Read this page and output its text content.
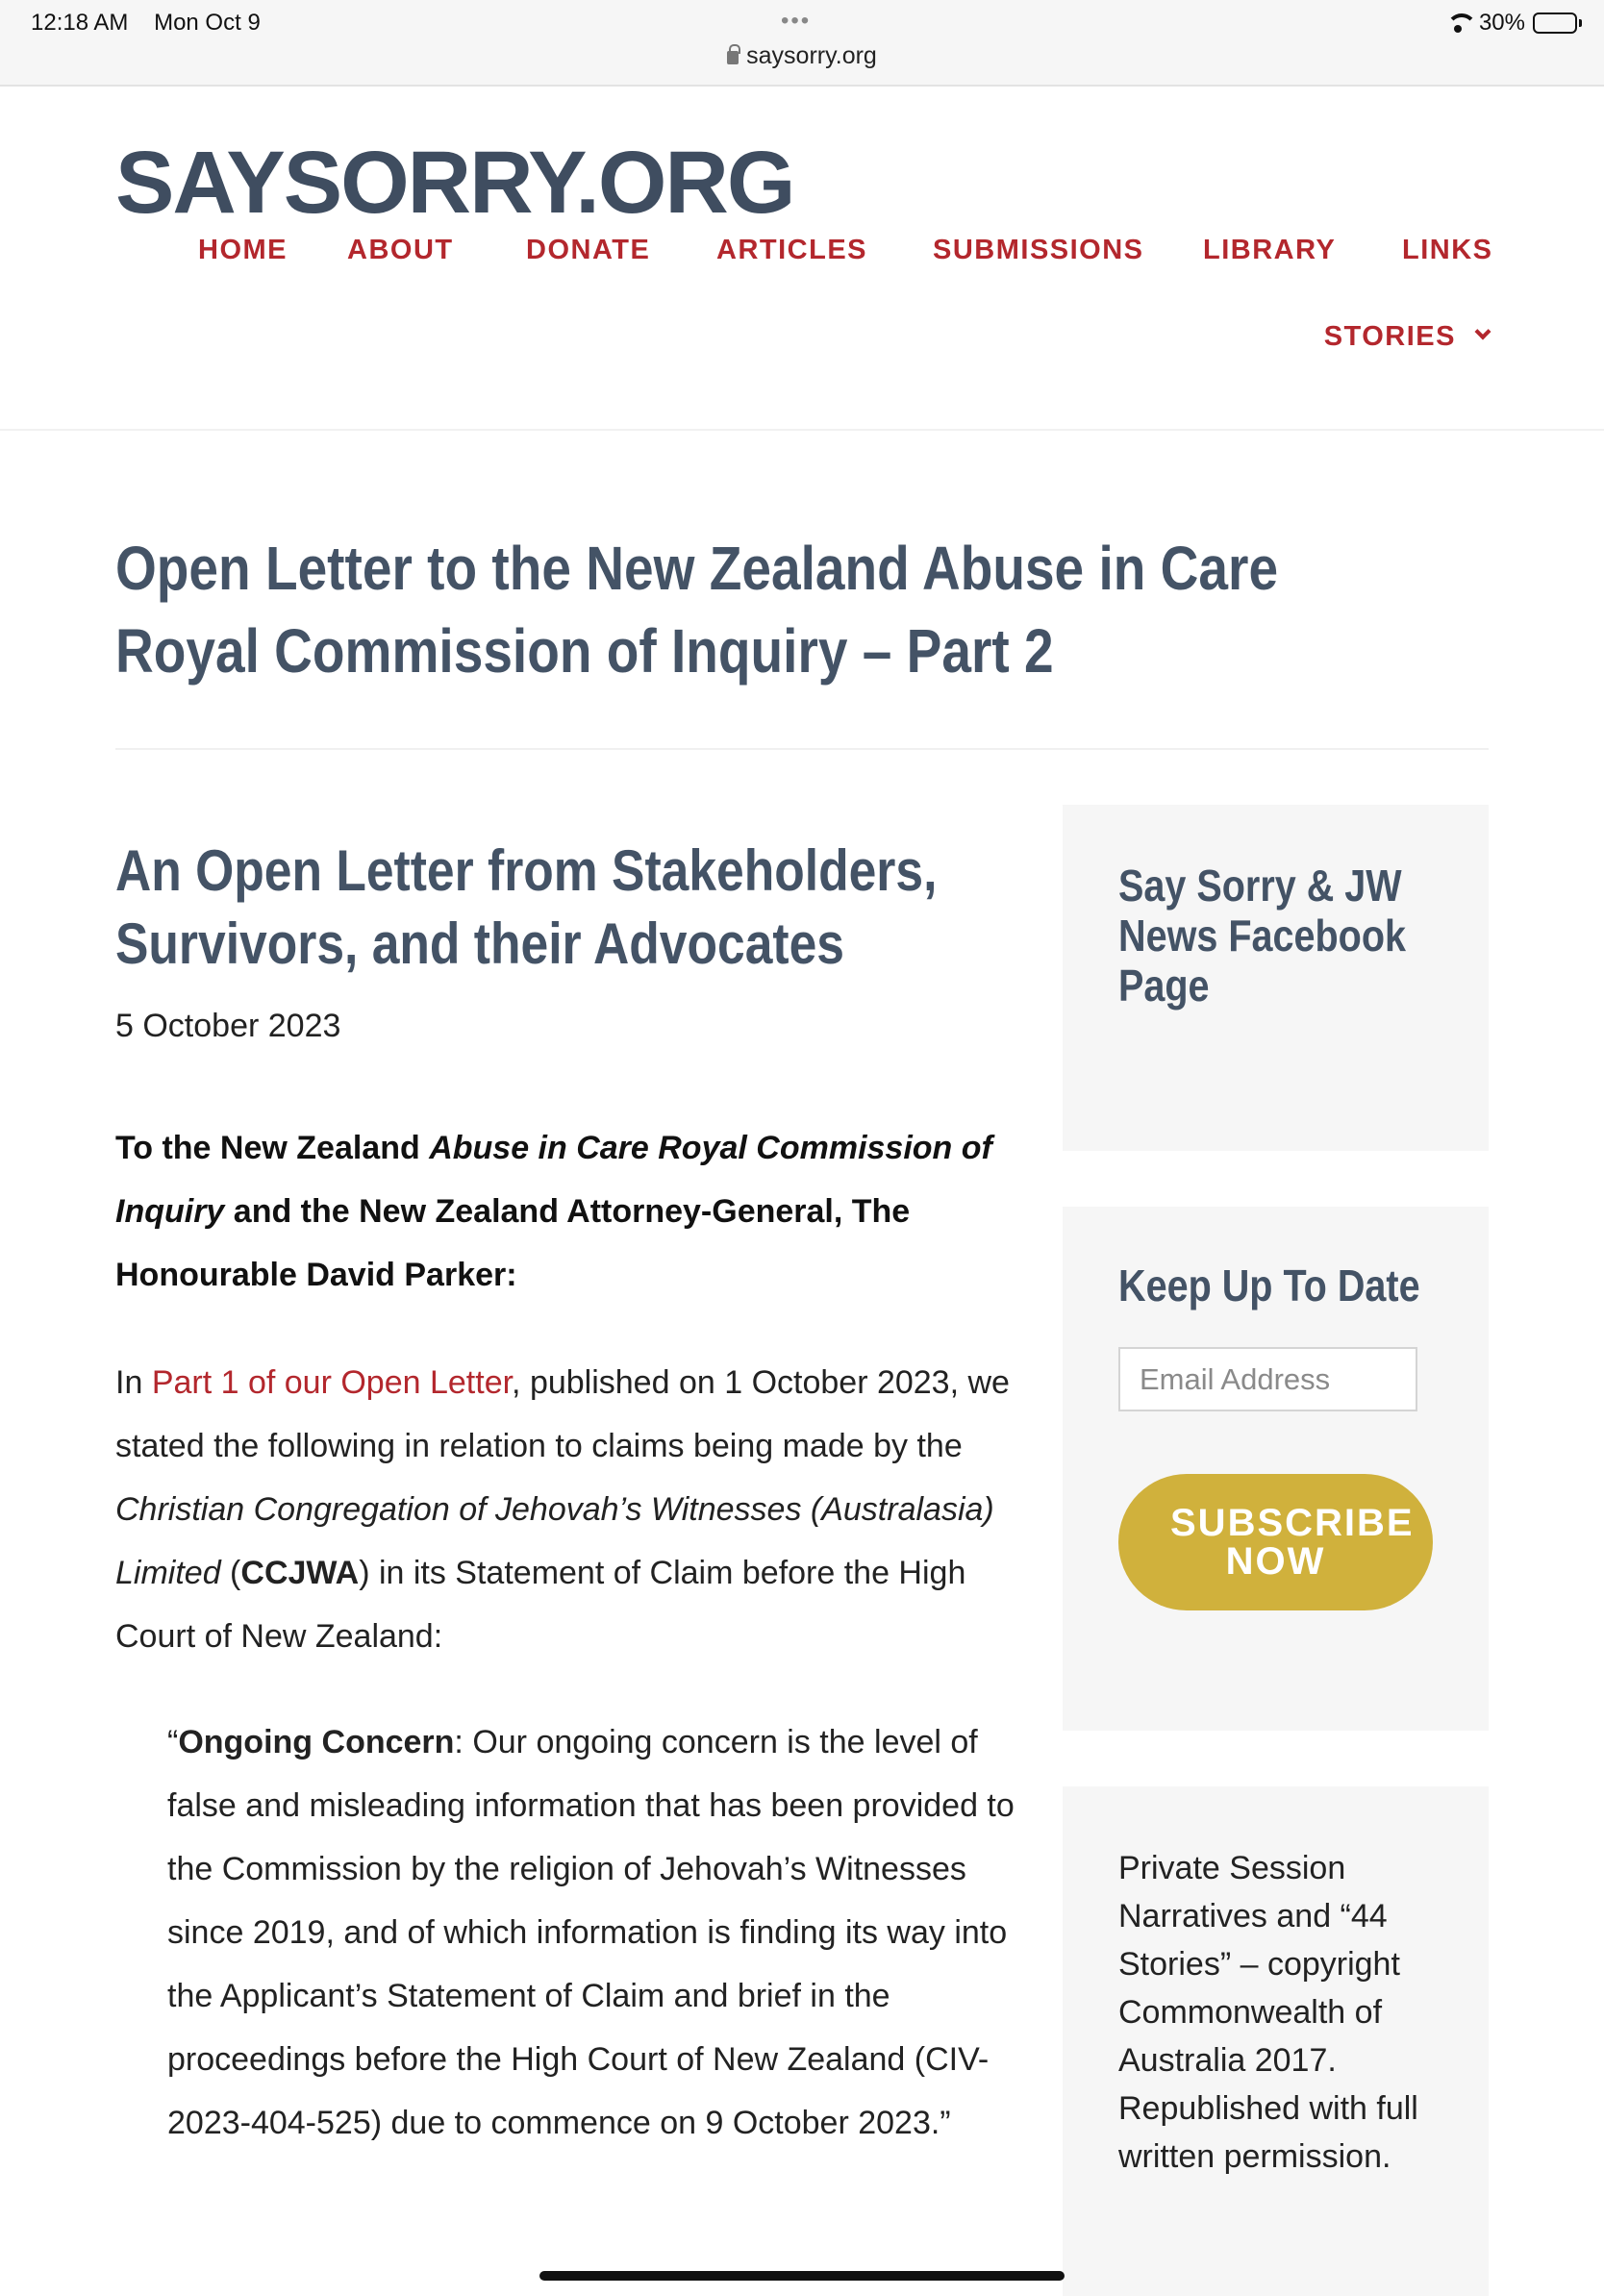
12:18 AM Mon Oct 9	•••
saysorry.org
30%
SAYSORRY.ORG
HOME ABOUT	DONATE ARTICLES SUBMISSIONS LIBRARY LINKS
STORIES
Open Letter to the New Zealand Abuse in Care Royal Commission of Inquiry – Part 2
An Open Letter from Stakeholders, Survivors, and their Advocates
5 October 2023

To the New Zealand Abuse in Care Royal Commission of Inquiry and the New Zealand Attorney-General, The Honourable David Parker:

In Part 1 of our Open Letter, published on 1 October 2023, we stated the following in relation to claims being made by the Christian Congregation of Jehovah’s Witnesses (Australasia) Limited (CCJWA) in its Statement of Claim before the High Court of New Zealand:

“Ongoing Concern: Our ongoing concern is the level of false and misleading information that has been provided to the Commission by the religion of Jehovah’s Witnesses since 2019, and of which information is finding its way into the Applicant’s Statement of Claim and brief in the proceedings before the High Court of New Zealand (CIV-2023-404-525) due to commence on 9 October 2023.”
Say Sorry & JW News Facebook Page
Keep Up To Date
Email Address SUBSCRIBE NOW

Private Session Narratives and “44 Stories” – copyright Commonwealth of Australia 2017. Republished with full written permission.
